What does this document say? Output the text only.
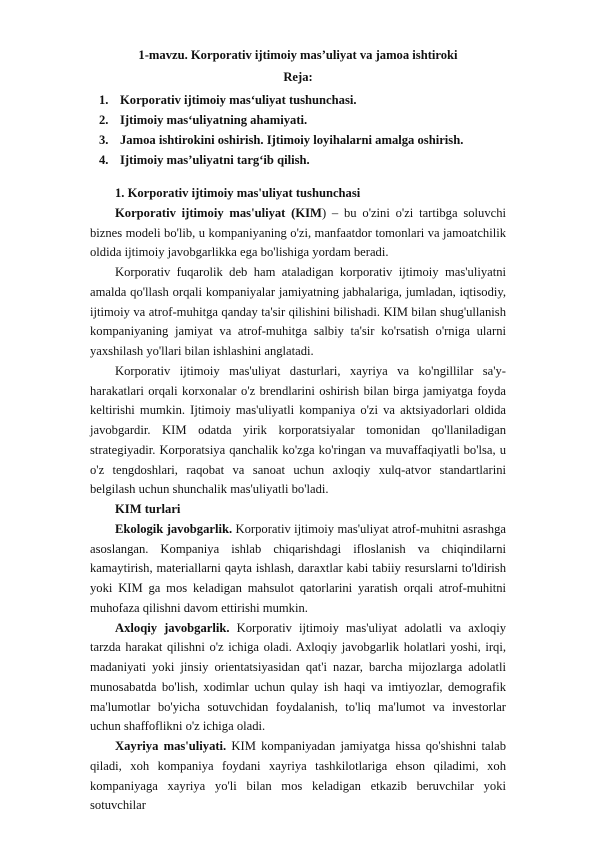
1-mavzu. Korporativ ijtimoiy mas’uliyat va jamoa ishtiroki
Reja:
1. Korporativ ijtimoiy mas‘uliyat tushunchasi.
2. Ijtimoiy mas‘uliyatning ahamiyati.
3. Jamoa ishtirokini oshirish. Ijtimoiy loyihalarni amalga oshirish.
4. Ijtimoiy mas’uliyatni targ‘ib qilish.

1. Korporativ ijtimoiy mas'uliyat tushunchasi

Korporativ ijtimoiy mas'uliyat (KIM) – bu o'zini o'zi tartibga soluvchi biznes modeli bo'lib, u kompaniyaning o'zi, manfaatdor tomonlari va jamoatchilik oldida ijtimoiy javobgarlikka ega bo'lishiga yordam beradi.

Korporativ fuqarolik deb ham ataladigan korporativ ijtimoiy mas'uliyatni amalda qo'llash orqali kompaniyalar jamiyatning jabhalariga, jumladan, iqtisodiy, ijtimoiy va atrof-muhitga qanday ta'sir qilishini bilishadi. KIM bilan shug'ullanish kompaniyaning jamiyat va atrof-muhitga salbiy ta'sir ko'rsatish o'rniga ularni yaxshilash yo'llari bilan ishlashini anglatadi.

Korporativ ijtimoiy mas'uliyat dasturlari, xayriya va ko'ngillilar sa'y-harakatlari orqali korxonalar o'z brendlarini oshirish bilan birga jamiyatga foyda keltirishi mumkin. Ijtimoiy mas'uliyatli kompaniya o'zi va aktsiyadorlari oldida javobgardir. KIM odatda yirik korporatsiyalar tomonidan qo'llaniladigan strategiyadir. Korporatsiya qanchalik ko'zga ko'ringan va muvaffaqiyatli bo'lsa, u o'z tengdoshlari, raqobat va sanoat uchun axloqiy xulq-atvor standartlarini belgilash uchun shunchalik mas'uliyatli bo'ladi.

KIM turlari

Ekologik javobgarlik. Korporativ ijtimoiy mas'uliyat atrof-muhitni asrashga asoslangan. Kompaniya ishlab chiqarishdagi ifloslanish va chiqindilarni kamaytirish, materiallarni qayta ishlash, daraxtlar kabi tabiiy resurslarni to'ldirish yoki KIM ga mos keladigan mahsulot qatorlarini yaratish orqali atrof-muhitni muhofaza qilishni davom ettirishi mumkin.

Axloqiy javobgarlik. Korporativ ijtimoiy mas'uliyat adolatli va axloqiy tarzda harakat qilishni o'z ichiga oladi. Axloqiy javobgarlik holatlari yoshi, irqi, madaniyati yoki jinsiy orientatsiyasidan qat'i nazar, barcha mijozlarga adolatli munosabatda bo'lish, xodimlar uchun qulay ish haqi va imtiyozlar, demografik ma'lumotlar bo'yicha sotuvchidan foydalanish, to'liq ma'lumot va investorlar uchun shaffoflikni o'z ichiga oladi.

Xayriya mas'uliyati. KIM kompaniyadan jamiyatga hissa qo'shishni talab qiladi, xoh kompaniya foydani xayriya tashkilotlariga ehson qiladimi, xoh kompaniyaga xayriya yo'li bilan mos keladigan etkazib beruvchilar yoki sotuvchilar
